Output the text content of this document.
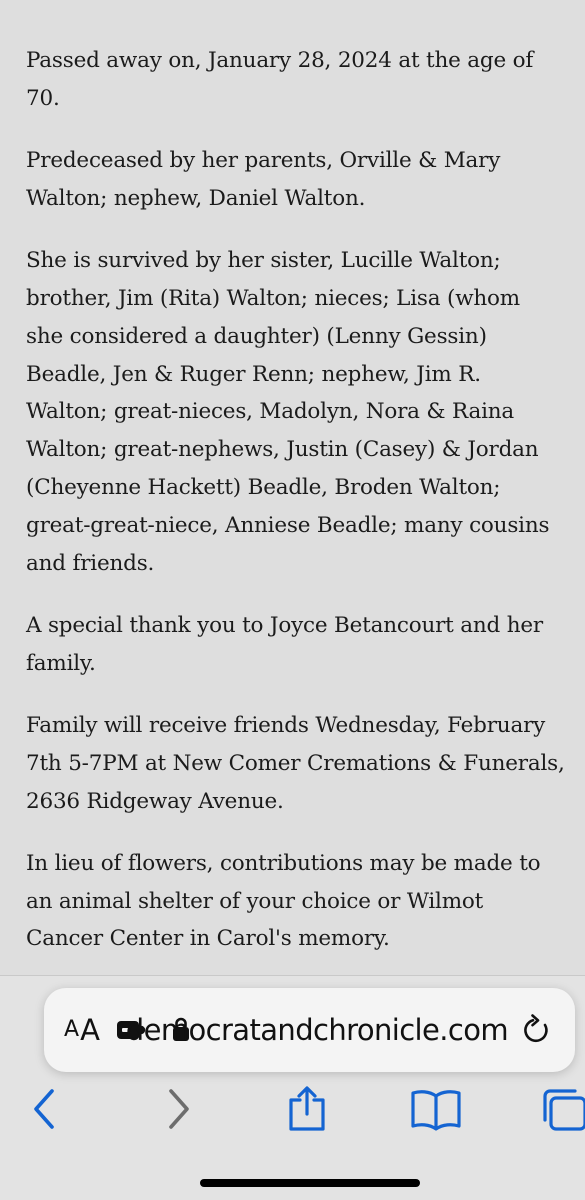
Passed away on, January 28, 2024 at the age of
70.

Predeceased by her parents, Orville & Mary
Walton; nephew, Daniel Walton.

She is survived by her sister, Lucille Walton;
brother, Jim (Rita) Walton; nieces; Lisa (whom
she considered a daughter) (Lenny Gessin)
Beadle, Jen & Ruger Renn; nephew, Jim R.
Walton; great-nieces, Madolyn, Nora & Raina
Walton; great-nephews, Justin (Casey) & Jordan
(Cheyenne Hackett) Beadle, Broden Walton;
great-great-niece, Anniese Beadle; many cousins
and friends.

A special thank you to Joyce Betancourt and her
family.

Family will receive friends Wednesday, February
7th 5-7PM at New Comer Cremations & Funerals,
2636 Ridgeway Avenue.

In lieu of flowers, contributions may be made to
an animal shelter of your choice or Wilmot
Cancer Center in Carol's memory.

A A democratandchronicle.com
